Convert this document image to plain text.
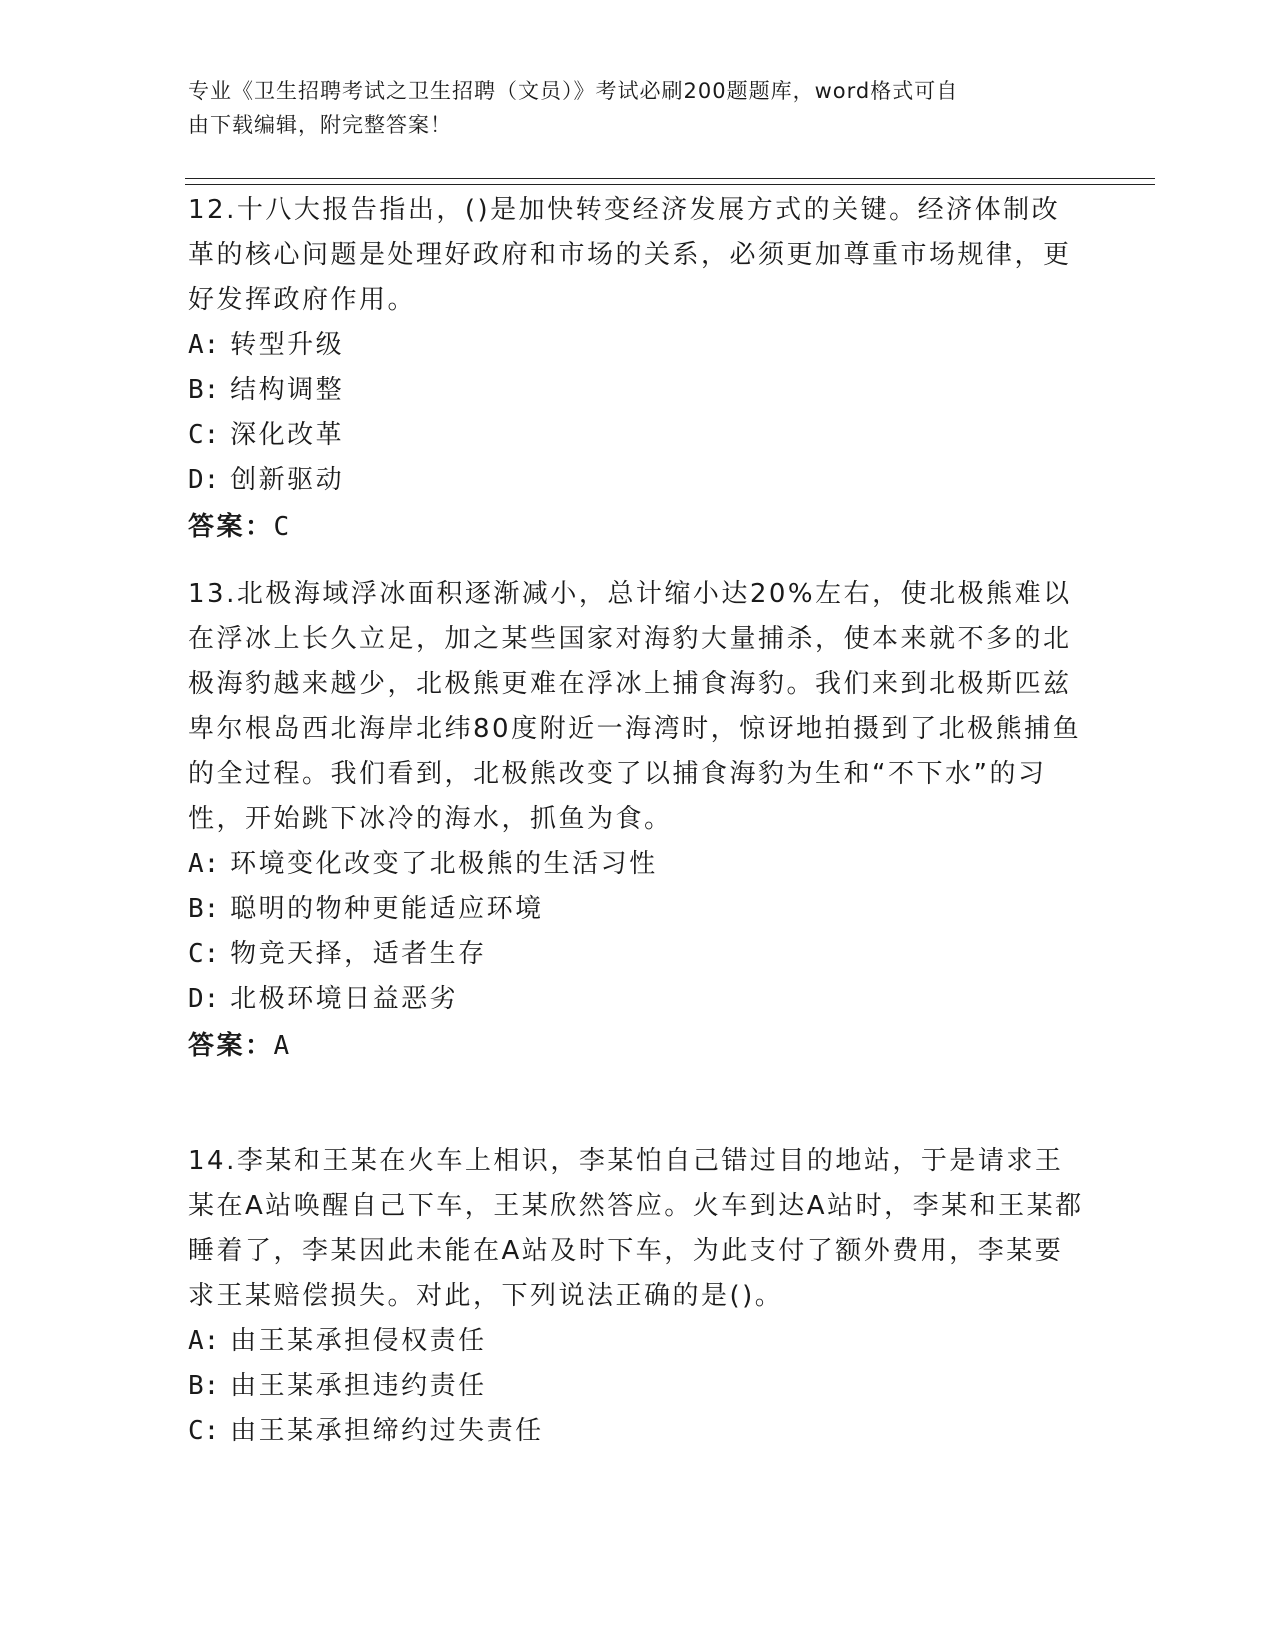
专业《卫生招聘考试之卫生招聘（文员）》考试必刷200题题库，word格式可自
由下载编辑，附完整答案！

12.十八大报告指出，()是加快转变经济发展方式的关键。经济体制改革的核心问题是处理好政府和市场的关系，必须更加尊重市场规律，更好发挥政府作用。

A: 转型升级
B: 结构调整
C: 深化改革
D: 创新驱动
答案：C

13.北极海域浮冰面积逐渐减小，总计缩小达20%左右，使北极熊难以在浮冰上长久立足，加之某些国家对海豹大量捕杀，使本来就不多的北极海豹越来越少，北极熊更难在浮冰上捕食海豹。我们来到北极斯匹兹卑尔根岛西北海岸北纬80度附近一海湾时，惊讶地拍摄到了北极熊捕鱼的全过程。我们看到，北极熊改变了以捕食海豹为生和“不下水”的习性，开始跳下冰冷的海水，抓鱼为食。

A: 环境变化改变了北极熊的生活习性
B: 聪明的物种更能适应环境
C: 物竞天择，适者生存
D: 北极环境日益恶劣
答案：A

14.李某和王某在火车上相识，李某怕自己错过目的地站，于是请求王某在A站唤醒自己下车，王某欣然答应。火车到达A站时，李某和王某都睡着了，李某因此未能在A站及时下车，为此支付了额外费用，李某要求王某赔偿损失。对此，下列说法正确的是()。

A: 由王某承担侵权责任
B: 由王某承担违约责任
C: 由王某承担缔约过失责任
